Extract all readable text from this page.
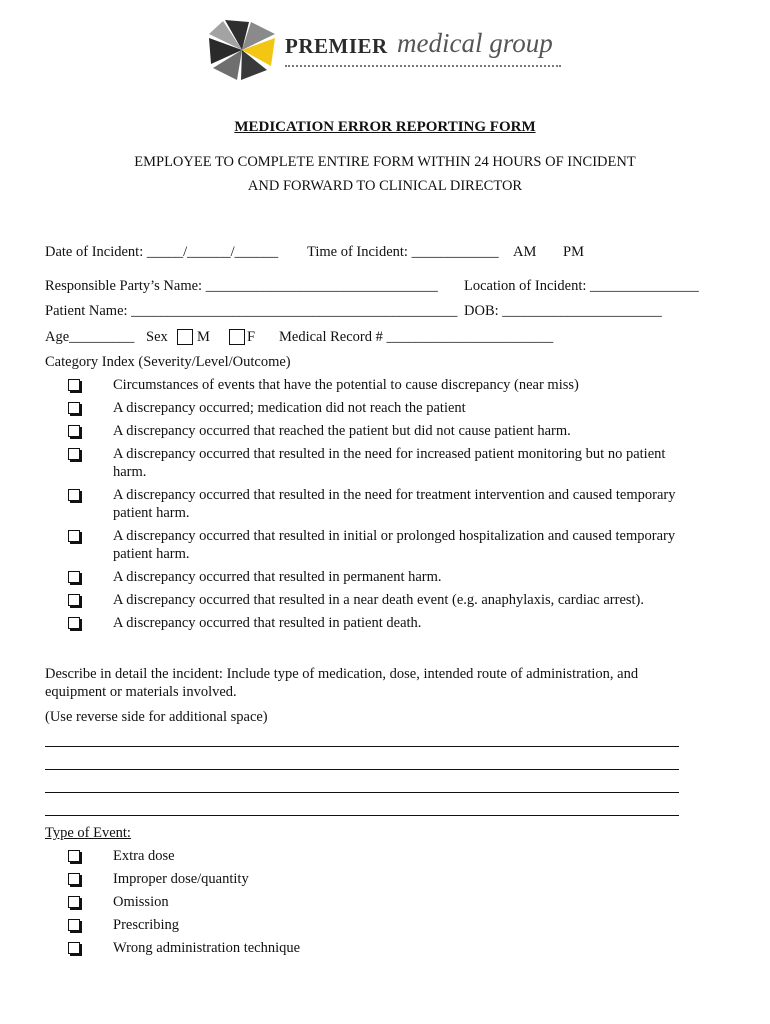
PREMIER medical group
MEDICATION ERROR REPORTING FORM
EMPLOYEE TO COMPLETE ENTIRE FORM WITHIN 24 HOURS OF INCIDENT
AND FORWARD TO CLINICAL DIRECTOR
Date of Incident: _____/______/______ Time of Incident: ____________ AM PM
Responsible Party’s Name: ________________________________ Location of Incident: _______________
Patient Name: _____________________________________________ DOB: ______________________
Age_________ Sex M	F Medical Record # _______________________
Category Index (Severity/Level/Outcome)
Circumstances of events that have the potential to cause discrepancy (near miss)
A discrepancy occurred; medication did not reach the patient
A discrepancy occurred that reached the patient but did not cause patient harm.
A discrepancy occurred that resulted in the need for increased patient monitoring but no patient
harm.
A discrepancy occurred that resulted in the need for treatment intervention and caused temporary
patient harm.
A discrepancy occurred that resulted in initial or prolonged hospitalization and caused temporary
patient harm.
A discrepancy occurred that resulted in permanent harm.
A discrepancy occurred that resulted in a near death event (e.g. anaphylaxis, cardiac arrest).
A discrepancy occurred that resulted in patient death.
Describe in detail the incident: Include type of medication, dose, intended route of administration, and
equipment or materials involved.
(Use reverse side for additional space)
Type of Event:
Extra dose
Improper dose/quantity
Omission
Prescribing
Wrong administration technique
